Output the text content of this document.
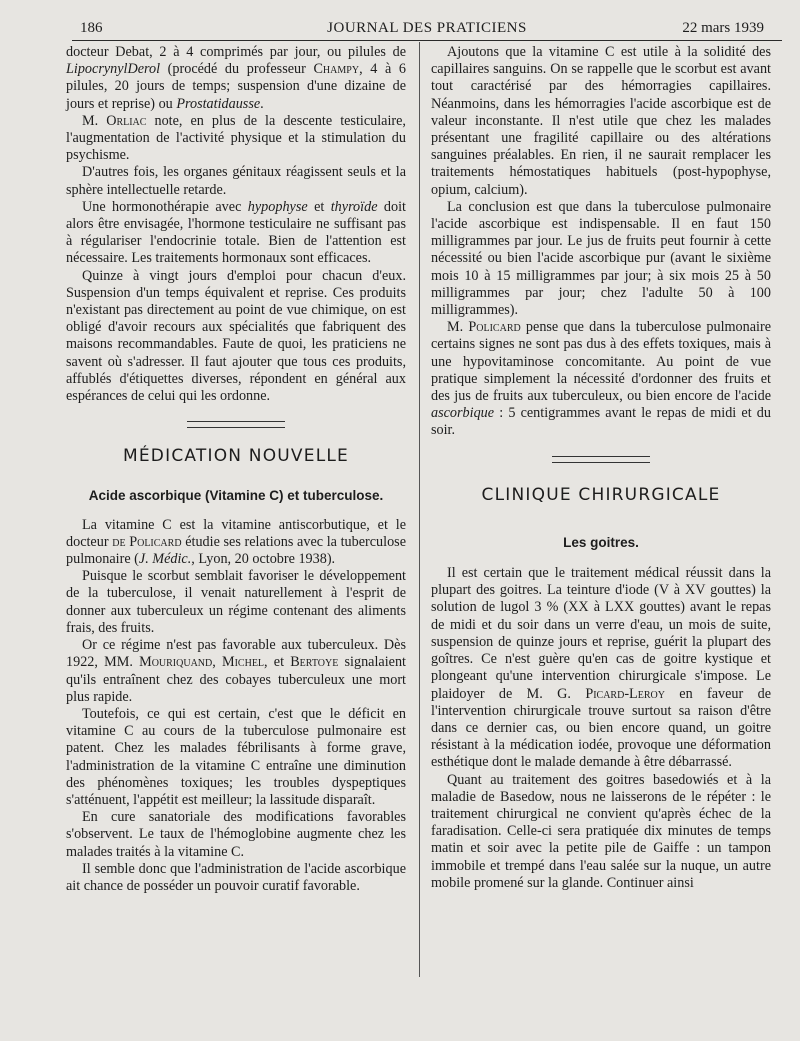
186	JOURNAL DES PRATICIENS	22 mars 1939

docteur Debat, 2 à 4 comprimés par jour, ou pilules de LipocrynylDerol (procédé du professeur Champy, 4 à 6 pilules, 20 jours de temps; suspension d'une dizaine de jours et reprise) ou Prostatidausse.

M. Orliac note, en plus de la descente testiculaire, l'augmentation de l'activité physique et la stimulation du psychisme.

D'autres fois, les organes génitaux réagissent seuls et la sphère intellectuelle retarde.

Une hormonothérapie avec hypophyse et thyroïde doit alors être envisagée, l'hormone testiculaire ne suffisant pas à régulariser l'endocrinie totale. Bien de l'attention est nécessaire. Les traitements hormonaux sont efficaces.

Quinze à vingt jours d'emploi pour chacun d'eux. Suspension d'un temps équivalent et reprise. Ces produits n'existant pas directement au point de vue chimique, on est obligé d'avoir recours aux spécialités que fabriquent des maisons recommandables. Faute de quoi, les praticiens ne savent où s'adresser. Il faut ajouter que tous ces produits, affublés d'étiquettes diverses, répondent en général aux espérances de celui qui les ordonne.

MÉDICATION NOUVELLE
Acide ascorbique (Vitamine C) et tuberculose.

La vitamine C est la vitamine antiscorbutique, et le docteur de Policard étudie ses relations avec la tuberculose pulmonaire (J. Médic., Lyon, 20 octobre 1938).

Puisque le scorbut semblait favoriser le développement de la tuberculose, il venait naturellement à l'esprit de donner aux tuberculeux un régime contenant des aliments frais, des fruits.

Or ce régime n'est pas favorable aux tuberculeux. Dès 1922, MM. Mouriquand, Michel, et Bertoye signalaient qu'ils entraînent chez des cobayes tuberculeux une mort plus rapide.

Toutefois, ce qui est certain, c'est que le déficit en vitamine C au cours de la tuberculose pulmonaire est patent. Chez les malades fébrilisants à forme grave, l'administration de la vitamine C entraîne une diminution des phénomènes toxiques; les troubles dyspeptiques s'atténuent, l'appétit est meilleur; la lassitude disparaît.

En cure sanatoriale des modifications favorables s'observent. Le taux de l'hémoglobine augmente chez les malades traités à la vitamine C.

Il semble donc que l'administration de l'acide ascorbique ait chance de posséder un pouvoir curatif favorable.

Ajoutons que la vitamine C est utile à la solidité des capillaires sanguins. On se rappelle que le scorbut est avant tout caractérisé par des hémorragies capillaires. Néanmoins, dans les hémorragies l'acide ascorbique est de valeur inconstante. Il n'est utile que chez les malades présentant une fragilité capillaire ou des altérations sanguines préalables. En rien, il ne saurait remplacer les traitements hémostatiques habituels (post-hypophyse, opium, calcium).

La conclusion est que dans la tuberculose pulmonaire l'acide ascorbique est indispensable. Il en faut 150 milligrammes par jour. Le jus de fruits peut fournir à cette nécessité ou bien l'acide ascorbique pur (avant le sixième mois 10 à 15 milligrammes par jour; à six mois 25 à 50 milligrammes par jour; chez l'adulte 50 à 100 milligrammes).

M. Policard pense que dans la tuberculose pulmonaire certains signes ne sont pas dus à des effets toxiques, mais à une hypovitaminose concomitante. Au point de vue pratique simplement la nécessité d'ordonner des fruits et des jus de fruits aux tuberculeux, ou bien encore de l'acide ascorbique : 5 centigrammes avant le repas de midi et du soir.

CLINIQUE CHIRURGICALE
Les goitres.

Il est certain que le traitement médical réussit dans la plupart des goitres. La teinture d'iode (V à XV gouttes) la solution de lugol 3 % (XX à LXX gouttes) avant le repas de midi et du soir dans un verre d'eau, un mois de suite, suspension de quinze jours et reprise, guérit la plupart des goîtres. Ce n'est guère qu'en cas de goitre kystique et plongeant qu'une intervention chirurgicale s'impose. Le plaidoyer de M. G. Picard-Leroy en faveur de l'intervention chirurgicale trouve surtout sa raison d'être dans ce dernier cas, ou bien encore quand, un goitre résistant à la médication iodée, provoque une déformation esthétique dont le malade demande à être débarrassé.

Quant au traitement des goitres basedowiés et à la maladie de Basedow, nous ne laisserons de le répéter : le traitement chirurgical ne convient qu'après échec de la faradisation. Celle-ci sera pratiquée dix minutes de temps matin et soir avec la petite pile de Gaiffe : un tampon immobile et trempé dans l'eau salée sur la nuque, un autre mobile promené sur la glande. Continuer ainsi
